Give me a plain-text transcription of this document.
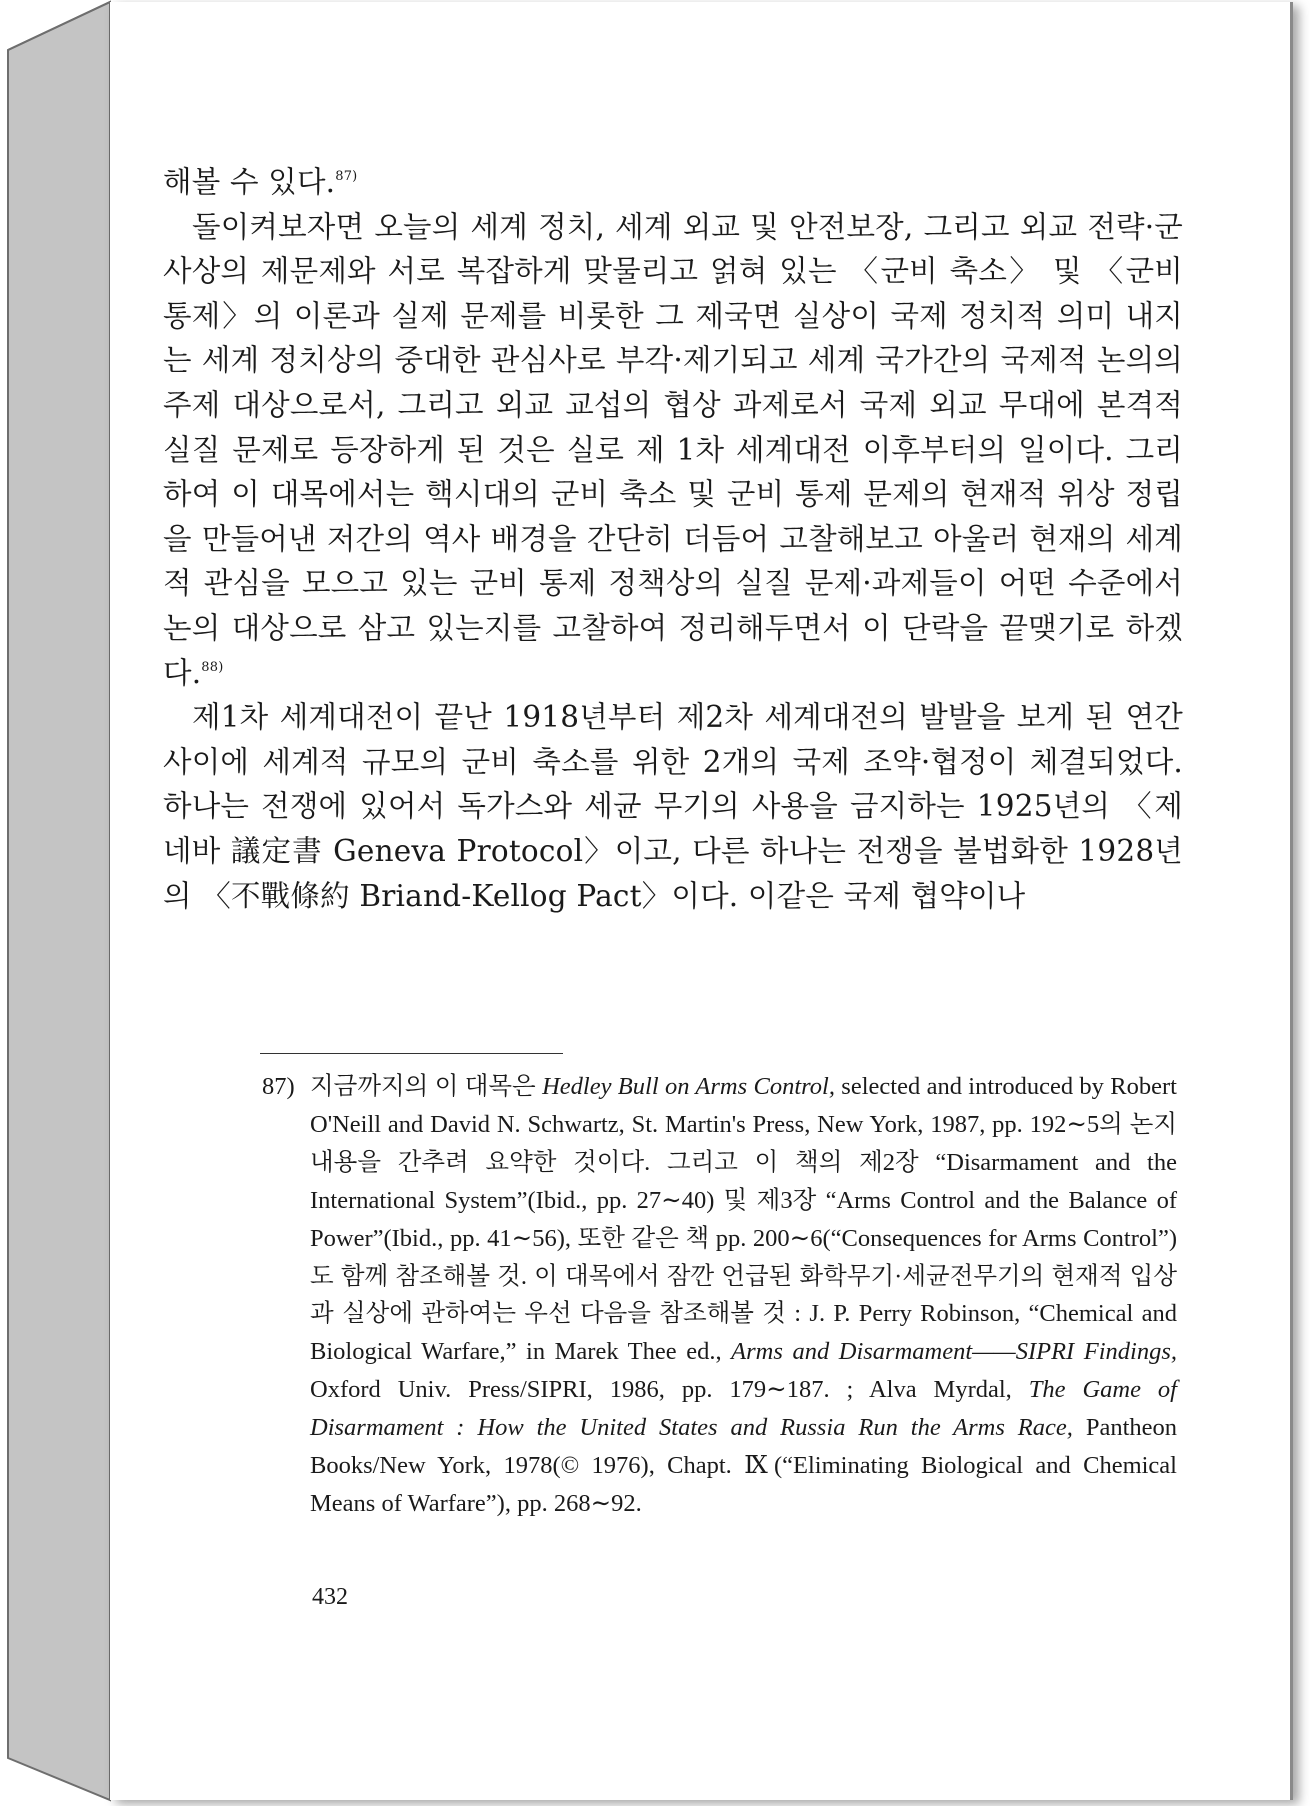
해볼 수 있다.$^{87)}$

돌이켜보자면 오늘의 세계 정치, 세계 외교 및 안전보장, 그리고 외교 전략·군사상의 제문제와 서로 복잡하게 맞물리고 얽혀 있는 〈군비 축소〉 및 〈군비 통제〉의 이론과 실제 문제를 비롯한 그 제국면 실상이 국제 정치적 의미 내지는 세계 정치상의 중대한 관심사로 부각·제기되고 세계 국가간의 국제적 논의의 주제 대상으로서, 그리고 외교 교섭의 협상 과제로서 국제 외교 무대에 본격적 실질 문제로 등장하게 된 것은 실로 제 1차 세계대전 이후부터의 일이다. 그리하여 이 대목에서는 핵시대의 군비 축소 및 군비 통제 문제의 현재적 위상 정립을 만들어낸 저간의 역사 배경을 간단히 더듬어 고찰해보고 아울러 현재의 세계적 관심을 모으고 있는 군비 통제 정책상의 실질 문제·과제들이 어떤 수준에서 논의 대상으로 삼고 있는지를 고찰하여 정리해두면서 이 단락을 끝맺기로 하겠다.$^{88)}$

제1차 세계대전이 끝난 1918년부터 제2차 세계대전의 발발을 보게 된 연간 사이에 세계적 규모의 군비 축소를 위한 2개의 국제 조약·협정이 체결되었다. 하나는 전쟁에 있어서 독가스와 세균 무기의 사용을 금지하는 1925년의 〈제네바 議定書 Geneva Protocol〉이고, 다른 하나는 전쟁을 불법화한 1928년의 〈不戰條約 Briand-Kellog Pact〉이다. 이같은 국제 협약이나

87) 지금까지의 이 대목은 Hedley Bull on Arms Control, selected and introduced by Robert O'Neill and David N. Schwartz, St. Martin's Press, New York, 1987, pp. 192∼5의 논지내용을 간추려 요약한 것이다. 그리고 이 책의 제2장 “Disarmament and the International System”(Ibid., pp. 27∼40) 및 제3장 “Arms Control and the Balance of Power”(Ibid., pp. 41∼56), 또한 같은 책 pp. 200∼6(“Consequences for Arms Control”)도 함께 참조해볼 것. 이 대목에서 잠깐 언급된 화학무기·세균전무기의 현재적 입상과 실상에 관하여는 우선 다음을 참조해볼 것 : J. P. Perry Robinson, “Chemical and Biological Warfare,” in Marek Thee ed., Arms and Disarmament——SIPRI Findings, Oxford Univ. Press/SIPRI, 1986, pp. 179∼187. ; Alva Myrdal, The Game of Disarmament : How the United States and Russia Run the Arms Race, Pantheon Books/New York, 1978(© 1976), Chapt. Ⅸ(“Eliminating Biological and Chemical Means of Warfare”), pp. 268∼92.
432
